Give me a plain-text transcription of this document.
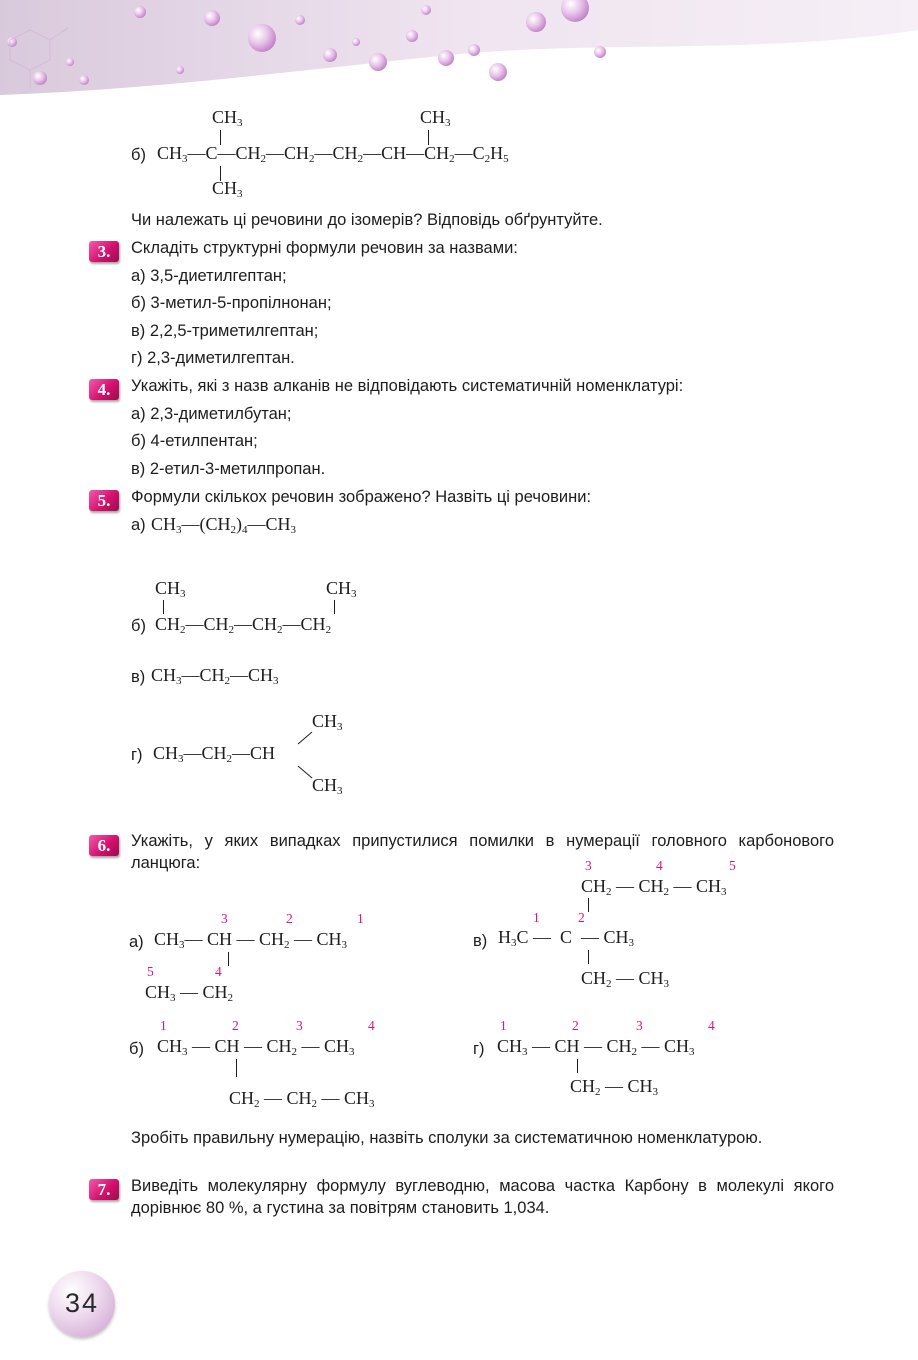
б)
$CH_3$	$CH_3$
$CH_3—C—CH_2—CH_2—CH_2—CH—CH_2—C_2H_5$
$CH_3$
Чи належать ці речовини до ізомерів? Відповідь обґрунтуйте.
3.	Складіть структурні формули речовин за назвами:
а) 3,5-диетилгептан;
б) 3-метил-5-пропілнонан;
в) 2,2,5-триметилгептан;
г) 2,3-диметилгептан.
4.	Укажіть, які з назв алканів не відповідають систематичній номенклатурі:
а) 2,3-диметилбутан;
б) 4-етилпентан;
в) 2-етил-3-метилпропан.
5.	Формули скількох речовин зображено? Назвіть ці речовини:
а) $CH_3—(CH_2)_4—CH_3$
$CH_3$	$CH_3$
б) $CH_2—CH_2—CH_2—CH_2$
в) $CH_3—CH_2—CH_3$
$CH_3$
г) $CH_3—CH_2—CH$
$CH_3$
6.	Укажіть, у яких випадках припустилися помилки в нумерації головного карбонового ланцюга:
3	2	1
а) $CH_3—$ CH — $CH_2$ — $CH_3$
5	4
$CH_3$ — $CH_2$
1	2	3	4
б) $CH_3$ — CH — $CH_2$ — $CH_3$
$CH_2$ — $CH_2$ — $CH_3$
3	4	5
$CH_2$ — $CH_2$ — $CH_3$
1	2
в) $H_3C$ —  C  — $CH_3$
$CH_2$ — $CH_3$
1	2	3	4
г) $CH_3$ — CH — $CH_2$ — $CH_3$
$CH_2$ — $CH_3$
Зробіть правильну нумерацію, назвіть сполуки за систематичною номенклатурою.
7.	Виведіть молекулярну формулу вуглеводню, масова частка Карбону в молекулі якого дорівнює 80 %, а густина за повітрям становить 1,034.
34
